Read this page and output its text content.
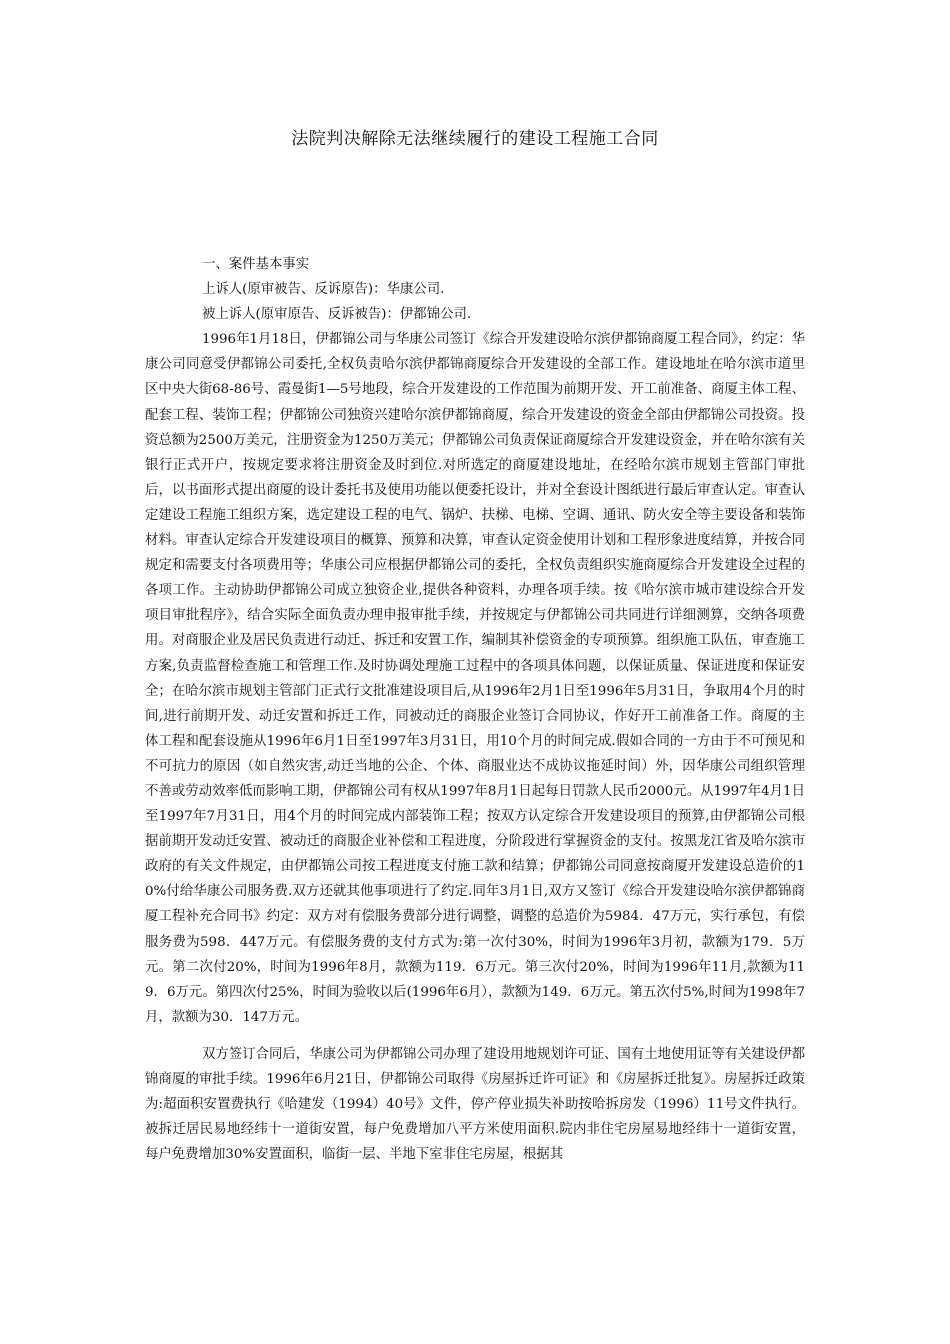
法院判决解除无法继续履行的建设工程施工合同

一、案件基本事实

上诉人(原审被告、反诉原告)：华康公司.

被上诉人(原审原告、反诉被告)：伊都锦公司.

1996年1月18日，伊都锦公司与华康公司签订《综合开发建设哈尔滨伊都锦商厦工程合同》，约定：华康公司同意受伊都锦公司委托,全权负责哈尔滨伊都锦商厦综合开发建设的全部工作。建设地址在哈尔滨市道里区中央大街68-86号、霞曼街1—5号地段，综合开发建设的工作范围为前期开发、开工前准备、商厦主体工程、配套工程、装饰工程；伊都锦公司独资兴建哈尔滨伊都锦商厦，综合开发建设的资金全部由伊都锦公司投资。投资总额为2500万美元，注册资金为1250万美元；伊都锦公司负责保证商厦综合开发建设资金，并在哈尔滨有关银行正式开户，按规定要求将注册资金及时到位.对所选定的商厦建设地址，在经哈尔滨市规划主管部门审批后，以书面形式提出商厦的设计委托书及使用功能以便委托设计，并对全套设计图纸进行最后审查认定。审查认定建设工程施工组织方案，选定建设工程的电气、锅炉、扶梯、电梯、空调、通讯、防火安全等主要设备和装饰材料。审查认定综合开发建设项目的概算、预算和决算，审查认定资金使用计划和工程形象进度结算，并按合同规定和需要支付各项费用等；华康公司应根据伊都锦公司的委托，全权负责组织实施商厦综合开发建设全过程的各项工作。主动协助伊都锦公司成立独资企业,提供各种资料，办理各项手续。按《哈尔滨市城市建设综合开发项目审批程序》，结合实际全面负责办理申报审批手续，并按规定与伊都锦公司共同进行详细测算，交纳各项费用。对商服企业及居民负责进行动迁、拆迁和安置工作，编制其补偿资金的专项预算。组织施工队伍，审查施工方案,负责监督检查施工和管理工作.及时协调处理施工过程中的各项具体问题，以保证质量、保证进度和保证安全；在哈尔滨市规划主管部门正式行文批准建设项目后,从1996年2月1日至1996年5月31日，争取用4个月的时间,进行前期开发、动迁安置和拆迁工作，同被动迁的商服企业签订合同协议，作好开工前准备工作。商厦的主体工程和配套设施从1996年6月1日至1997年3月31日，用10个月的时间完成.假如合同的一方由于不可预见和不可抗力的原因（如自然灾害,动迁当地的公企、个体、商服业达不成协议拖延时间）外，因华康公司组织管理不善或劳动效率低而影响工期，伊都锦公司有权从1997年8月1日起每日罚款人民币2000元。从1997年4月1日至1997年7月31日，用4个月的时间完成内部装饰工程；按双方认定综合开发建设项目的预算,由伊都锦公司根据前期开发动迁安置、被动迁的商服企业补偿和工程进度，分阶段进行掌握资金的支付。按黑龙江省及哈尔滨市政府的有关文件规定，由伊都锦公司按工程进度支付施工款和结算；伊都锦公司同意按商厦开发建设总造价的10%付给华康公司服务费.双方还就其他事项进行了约定.同年3月1日,双方又签订《综合开发建设哈尔滨伊都锦商厦工程补充合同书》约定：双方对有偿服务费部分进行调整，调整的总造价为5984．47万元，实行承包，有偿服务费为598．447万元。有偿服务费的支付方式为:第一次付30%，时间为1996年3月初，款额为179．5万元。第二次付20%，时间为1996年8月，款额为119．6万元。第三次付20%，时间为1996年11月,款额为119．6万元。第四次付25%，时间为验收以后(1996年6月），款额为149．6万元。第五次付5%,时间为1998年7月，款额为30．147万元。

双方签订合同后，华康公司为伊都锦公司办理了建设用地规划许可证、国有土地使用证等有关建设伊都锦商厦的审批手续。1996年6月21日，伊都锦公司取得《房屋拆迁许可证》和《房屋拆迁批复》。房屋拆迁政策为:超面积安置费执行《哈建发（1994）40号》文件，停产停业损失补助按哈拆房发（1996）11号文件执行。被拆迁居民易地经纬十一道街安置，每户免费增加八平方米使用面积.院内非住宅房屋易地经纬十一道街安置，每户免费增加30%安置面积，临街一层、半地下室非住宅房屋，根据其
